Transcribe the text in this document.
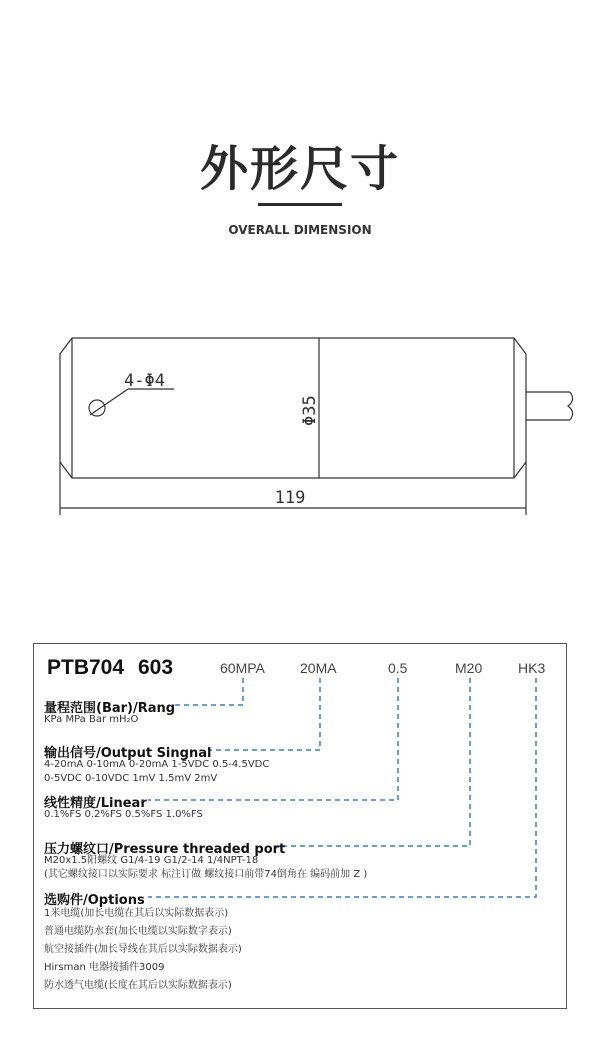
外形尺寸
OVERALL DIMENSION
4-Φ4
Φ35
119
PTB704 603	60MPA	20MA	0.5	M20	HK3
量程范围(Bar)/Rang
KPa MPa Bar mH₂O
输出信号/Output Singnal
4-20mA 0-10mA 0-20mA 1-5VDC 0.5-4.5VDC
0-5VDC 0-10VDC 1mV 1.5mV 2mV
线性精度/Linear
0.1%FS 0.2%FS 0.5%FS 1.0%FS
压力螺纹口/Pressure threaded port
M20x1.5阳螺纹 G1/4-19 G1/2-14 1/4NPT-18
(其它螺纹接口以实际要求 标注订做 螺纹接口前带74倒角在 编码前加 Z )
选购件/Options
1米电缆(加长电缆在其后以实际数据表示)
普通电缆防水套(加长电缆以实际数字表示)
航空接插件(加长导线在其后以实际数据表示)
Hirsman 电器接插件3009
防水透气电缆(长度在其后以实际数据表示)
